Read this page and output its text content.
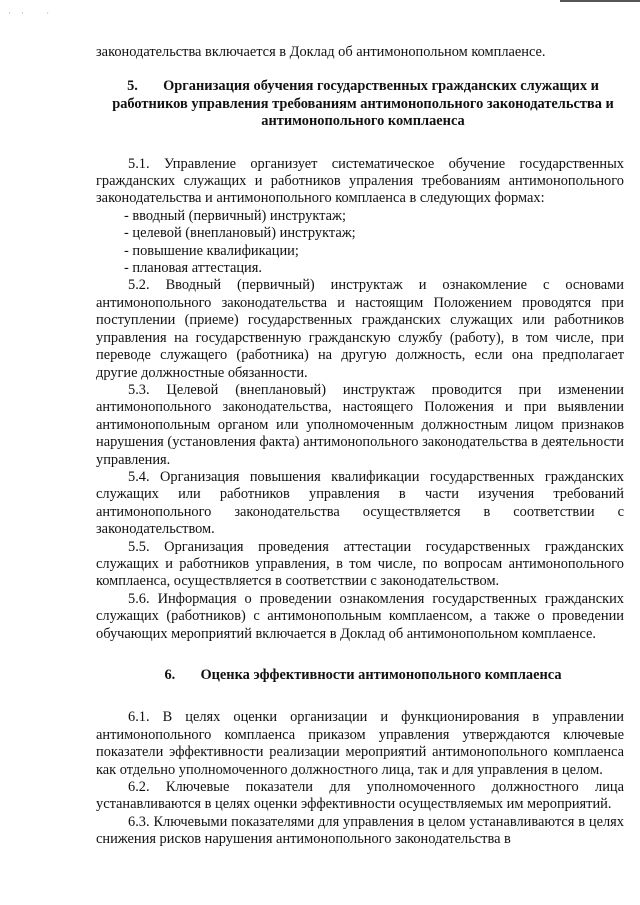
˙˙ ˙

законодательства включается в Доклад об антимонопольном комплаенсе.

5. Организация обучения государственных гражданских служащих и работников управления требованиям антимонопольного законодательства и антимонопольного комплаенса

5.1. Управление организует систематическое обучение государственных гражданских служащих и работников упраления требованиям антимонопольного законодательства и антимонопольного комплаенса в следующих формах:

- вводный (первичный) инструктаж;

- целевой (внеплановый) инструктаж;

- повышение квалификации;

- плановая аттестация.

5.2. Вводный (первичный) инструктаж и ознакомление с основами антимонопольного законодательства и настоящим Положением проводятся при поступлении (приеме) государственных гражданских служащих или работников управления на государственную гражданскую службу (работу), в том числе, при переводе служащего (работника) на другую должность, если она предполагает другие должностные обязанности.

5.3. Целевой (внеплановый) инструктаж проводится при изменении антимонопольного законодательства, настоящего Положения и при выявлении антимонопольным органом или уполномоченным должностным лицом признаков нарушения (установления факта) антимонопольного законодательства в деятельности управления.

5.4. Организация повышения квалификации государственных гражданских служащих или работников управления в части изучения требований антимонопольного законодательства осуществляется в соответствии с законодательством.

5.5. Организация проведения аттестации государственных гражданских служащих и работников управления, в том числе, по вопросам антимонопольного комплаенса, осуществляется в соответствии с законодательством.

5.6. Информация о проведении ознакомления государственных гражданских служащих (работников) с антимонопольным комплаенсом, а также о проведении обучающих мероприятий включается в Доклад об антимонопольном комплаенсе.

6. Оценка эффективности антимонопольного комплаенса

6.1. В целях оценки организации и функционирования в управлении антимонопольного комплаенса приказом управления утверждаются ключевые показатели эффективности реализации мероприятий антимонопольного комплаенса как отдельно уполномоченного должностного лица, так и для управления в целом.

6.2. Ключевые показатели для уполномоченного должностного лица устанавливаются в целях оценки эффективности осуществляемых им мероприятий.

6.3. Ключевыми показателями для управления в целом устанавливаются в целях снижения рисков нарушения антимонопольного законодательства в
